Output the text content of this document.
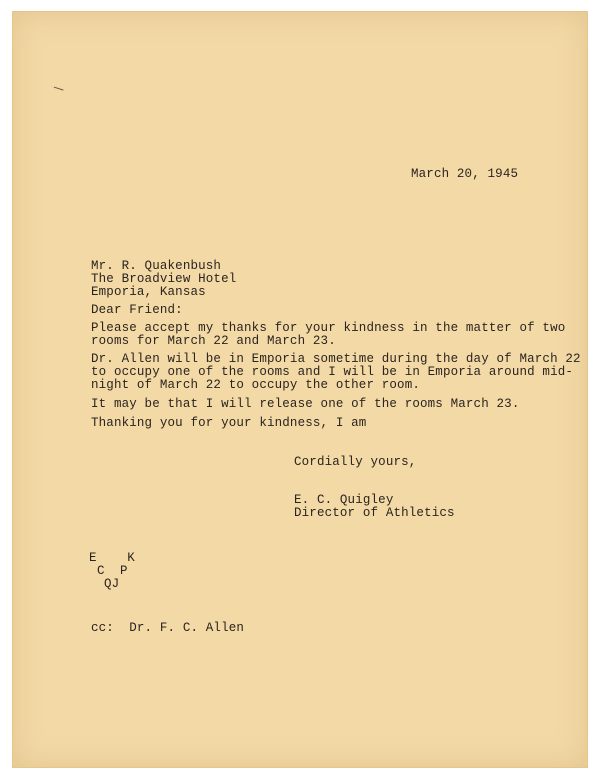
March 20, 1945
Mr. R. Quakenbush
The Broadview Hotel
Emporia, Kansas
Dear Friend:
Please accept my thanks for your kindness in the matter of two
rooms for March 22 and March 23.
Dr. Allen will be in Emporia sometime during the day of March 22
to occupy one of the rooms and I will be in Emporia around mid-
night of March 22 to occupy the other room.
It may be that I will release one of the rooms March 23.
Thanking you for your kindness, I am
Cordially yours,
E. C. Quigley
Director of Athletics
E    K
C  P
QJ
cc:  Dr. F. C. Allen
